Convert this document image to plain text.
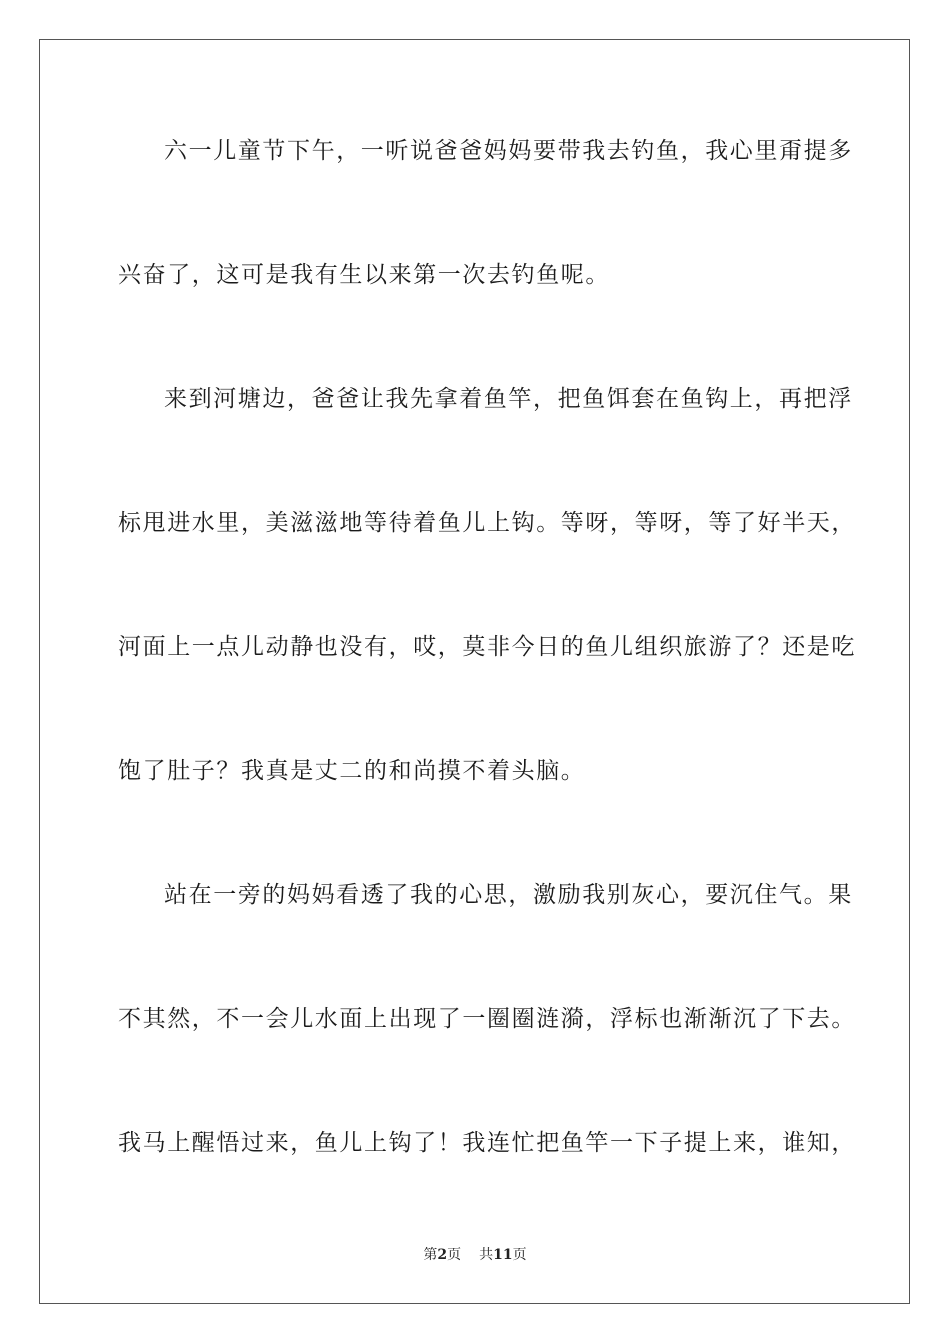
六一儿童节下午，一听说爸爸妈妈要带我去钓鱼，我心里甭提多
兴奋了，这可是我有生以来第一次去钓鱼呢。
来到河塘边，爸爸让我先拿着鱼竿，把鱼饵套在鱼钩上，再把浮
标甩进水里，美滋滋地等待着鱼儿上钩。等呀，等呀，等了好半天，
河面上一点儿动静也没有，哎，莫非今日的鱼儿组织旅游了？还是吃
饱了肚子？我真是丈二的和尚摸不着头脑。
站在一旁的妈妈看透了我的心思，激励我别灰心，要沉住气。果
不其然，不一会儿水面上出现了一圈圈涟漪，浮标也渐渐沉了下去。
我马上醒悟过来，鱼儿上钩了！我连忙把鱼竿一下子提上来，谁知，
第2页 共11页
